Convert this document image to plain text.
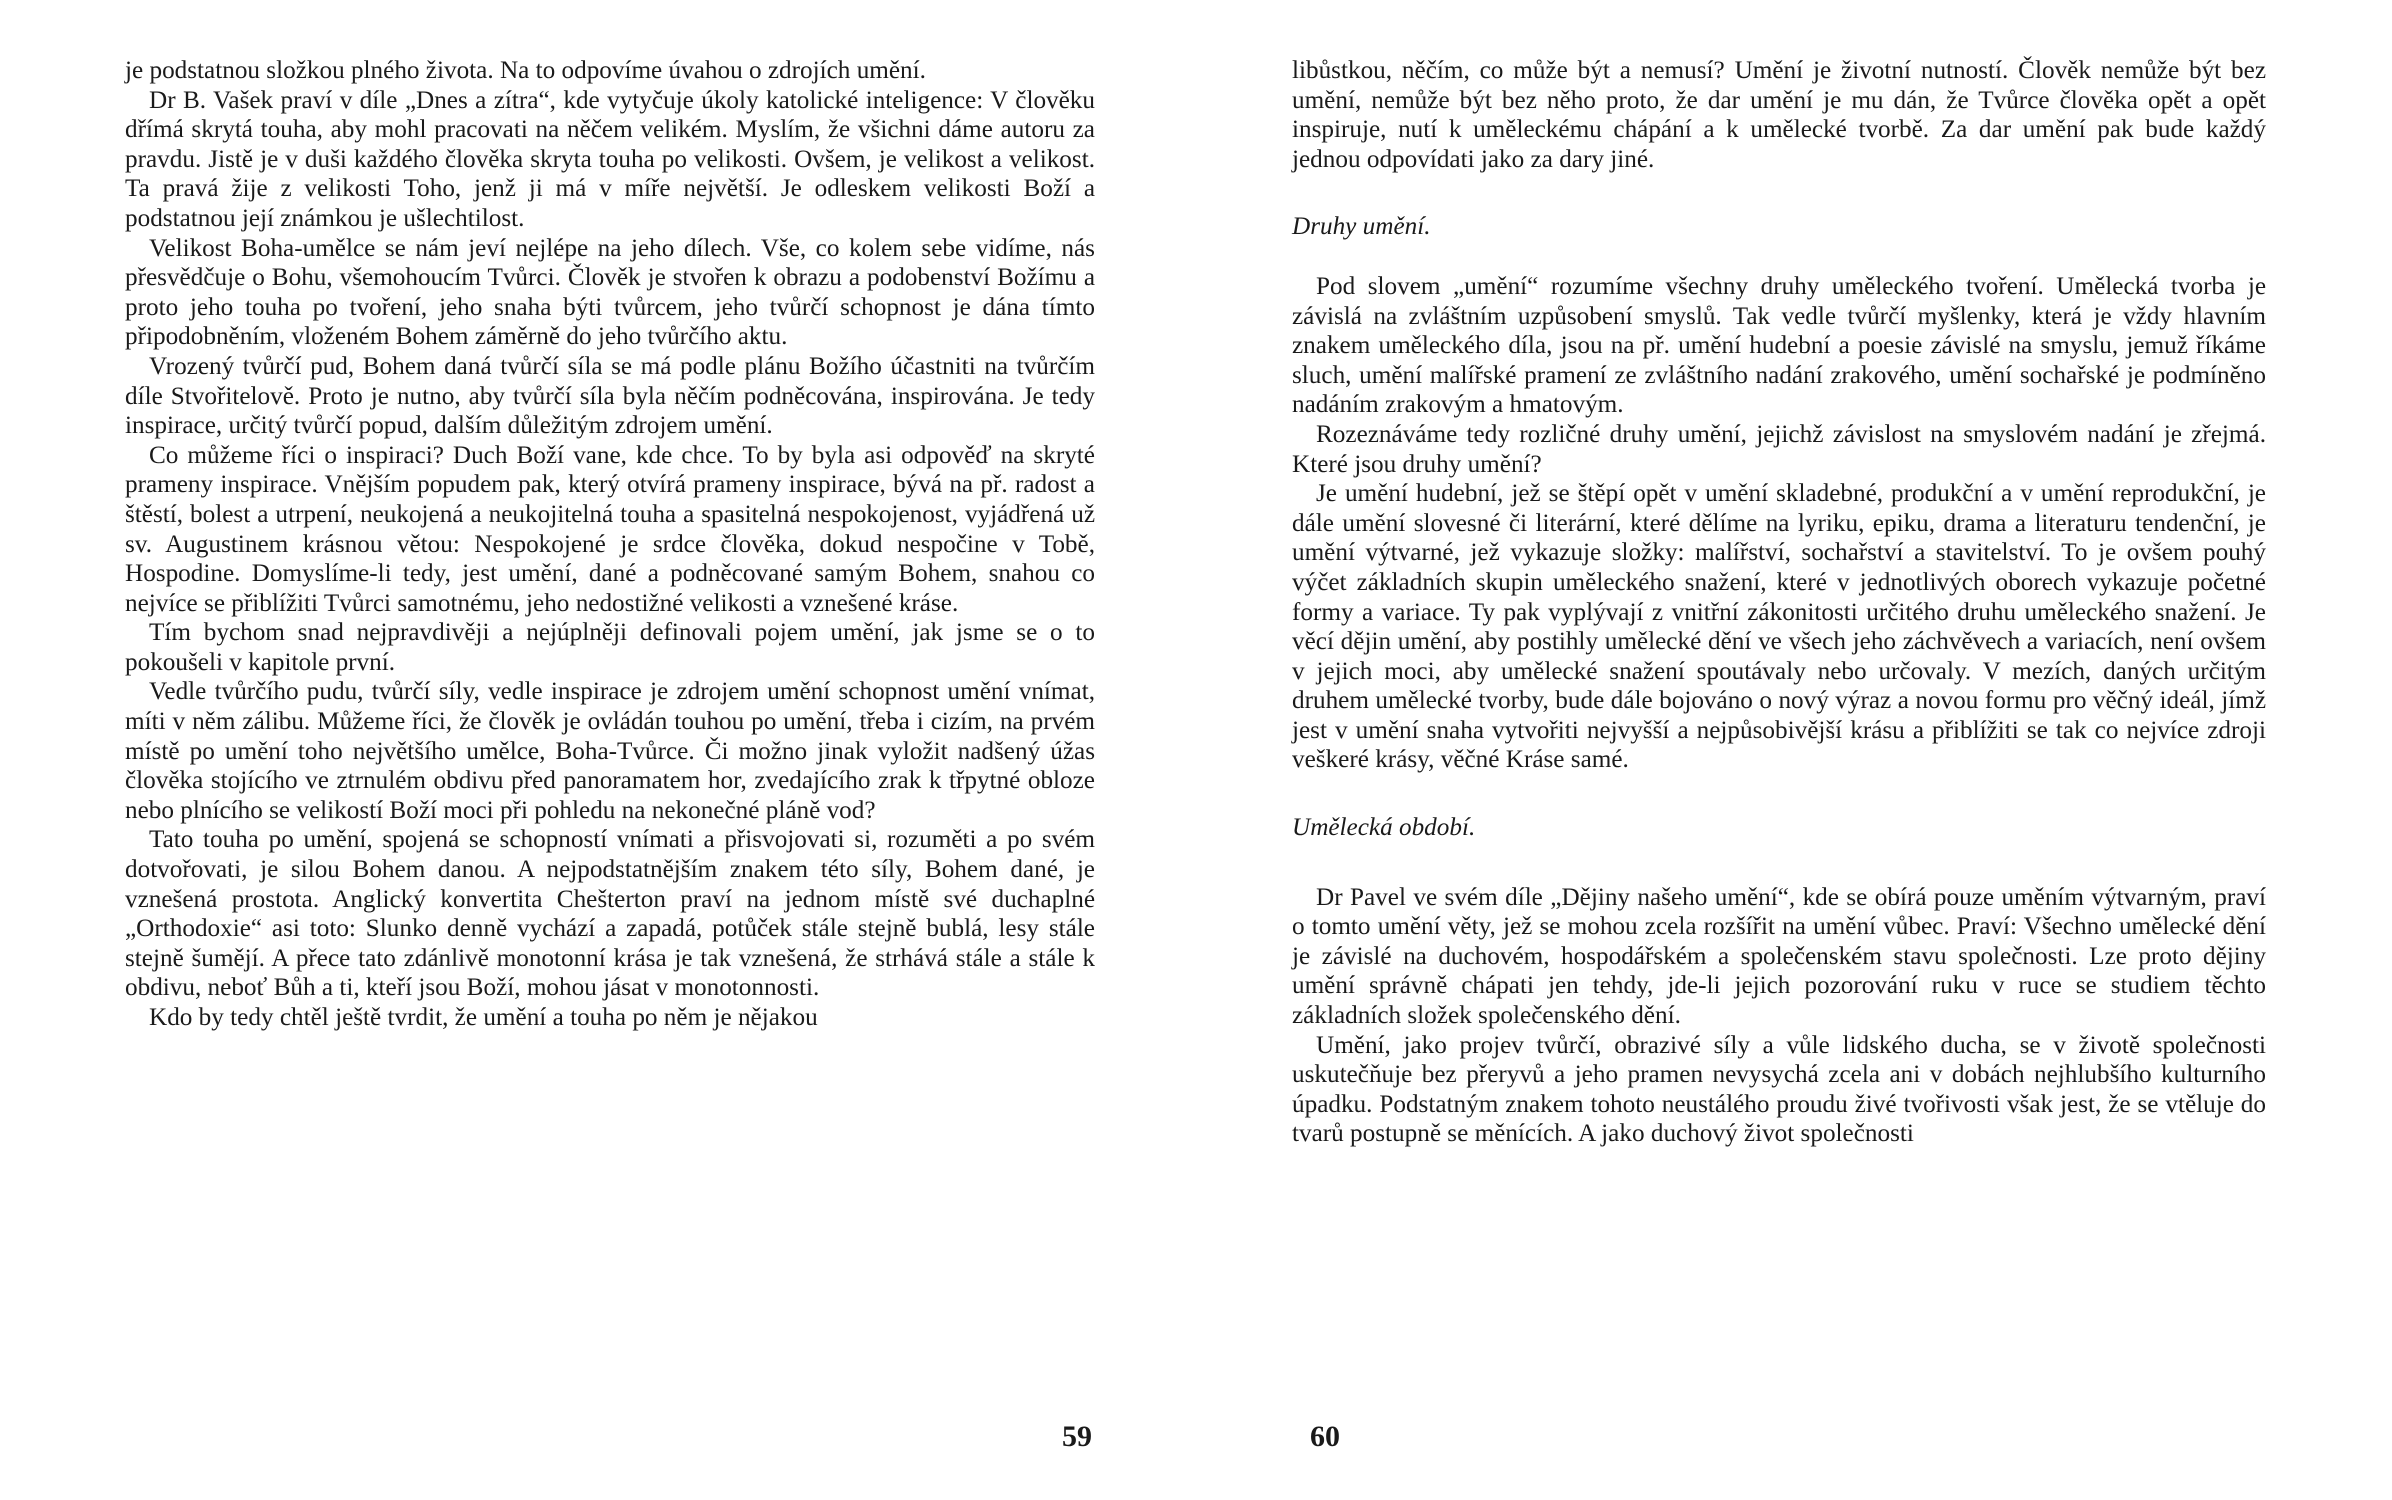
je podstatnou složkou plného života. Na to odpovíme úvahou o zdrojích umění.

Dr B. Vašek praví v díle „Dnes a zítra“, kde vytyčuje úkoly katolické inteligence: V člověku dřímá skrytá touha, aby mohl pracovati na něčem velikém. Myslím, že všichni dáme autoru za pravdu. Jistě je v duši každého člověka skryta touha po velikosti. Ovšem, je velikost a velikost. Ta pravá žije z velikosti Toho, jenž ji má v míře největší. Je odleskem velikosti Boží a podstatnou její známkou je ušlechtilost.

Velikost Boha-umělce se nám jeví nejlépe na jeho dílech. Vše, co kolem sebe vidíme, nás přesvědčuje o Bohu, všemohoucím Tvůrci. Člověk je stvořen k obrazu a podobenství Božímu a proto jeho touha po tvoření, jeho snaha býti tvůrcem, jeho tvůrčí schopnost je dána tímto připodobněním, vloženém Bohem záměrně do jeho tvůrčího aktu.

Vrozený tvůrčí pud, Bohem daná tvůrčí síla se má podle plánu Božího účastniti na tvůrčím díle Stvořitelově. Proto je nutno, aby tvůrčí síla byla něčím podněcována, inspirována. Je tedy inspirace, určitý tvůrčí popud, dalším důležitým zdrojem umění.

Co můžeme říci o inspiraci? Duch Boží vane, kde chce. To by byla asi odpověď na skryté prameny inspirace. Vnějším popudem pak, který otvírá prameny inspirace, bývá na př. radost a štěstí, bolest a utrpení, neukojená a neukojitelná touha a spasitelná nespokojenost, vyjádřená už sv. Augustinem krásnou větou: Nespokojené je srdce člověka, dokud nespočine v Tobě, Hospodine. Domyslíme-li tedy, jest umění, dané a podněcované samým Bohem, snahou co nejvíce se přiblížiti Tvůrci samotnému, jeho nedostižné velikosti a vznešené kráse.

Tím bychom snad nejpravdivěji a nejúplněji definovali pojem umění, jak jsme se o to pokoušeli v kapitole první.

Vedle tvůrčího pudu, tvůrčí síly, vedle inspirace je zdrojem umění schopnost umění vnímat, míti v něm zálibu. Můžeme říci, že člověk je ovládán touhou po umění, třeba i cizím, na prvém místě po umění toho největšího umělce, Boha-Tvůrce. Či možno jinak vyložit nadšený úžas člověka stojícího ve ztrnulém obdivu před panoramatem hor, zvedajícího zrak k třpytné obloze nebo plnícího se velikostí Boží moci při pohledu na nekonečné pláně vod?

Tato touha po umění, spojená se schopností vnímati a přisvojovati si, rozuměti a po svém dotvořovati, je silou Bohem danou. A nejpodstatnějším znakem této síly, Bohem dané, je vznešená prostota. Anglický konvertita Chešterton praví na jednom místě své duchaplné „Orthodoxie“ asi toto: Slunko denně vychází a zapadá, potůček stále stejně bublá, lesy stále stejně šumějí. A přece tato zdánlivě monotonní krása je tak vznešená, že strhává stále a stále k obdivu, neboť Bůh a ti, kteří jsou Boží, mohou jásat v monotonnosti.

Kdo by tedy chtěl ještě tvrdit, že umění a touha po něm je nějakou

59

libůstkou, něčím, co může být a nemusí? Umění je životní nutností. Člověk nemůže být bez umění, nemůže být bez něho proto, že dar umění je mu dán, že Tvůrce člověka opět a opět inspiruje, nutí k uměleckému chápání a k umělecké tvorbě. Za dar umění pak bude každý jednou odpovídati jako za dary jiné.

Druhy umění.

Pod slovem „umění“ rozumíme všechny druhy uměleckého tvoření. Umělecká tvorba je závislá na zvláštním uzpůsobení smyslů. Tak vedle tvůrčí myšlenky, která je vždy hlavním znakem uměleckého díla, jsou na př. umění hudební a poesie závislé na smyslu, jemuž říkáme sluch, umění malířské pramení ze zvláštního nadání zrakového, umění sochařské je podmíněno nadáním zrakovým a hmatovým.

Rozeznáváme tedy rozličné druhy umění, jejichž závislost na smyslovém nadání je zřejmá. Které jsou druhy umění?

Je umění hudební, jež se štěpí opět v umění skladebné, produkční a v umění reprodukční, je dále umění slovesné či literární, které dělíme na lyriku, epiku, drama a literaturu tendenční, je umění výtvarné, jež vykazuje složky: malířství, sochařství a stavitelství. To je ovšem pouhý výčet základních skupin uměleckého snažení, které v jednotlivých oborech vykazuje početné formy a variace. Ty pak vyplývají z vnitřní zákonitosti určitého druhu uměleckého snažení. Je věcí dějin umění, aby postihly umělecké dění ve všech jeho záchvěvech a variacích, není ovšem v jejich moci, aby umělecké snažení spoutávaly nebo určovaly. V mezích, daných určitým druhem umělecké tvorby, bude dále bojováno o nový výraz a novou formu pro věčný ideál, jímž jest v umění snaha vytvořiti nejvyšší a nejpůsobivější krásu a přiblížiti se tak co nejvíce zdroji veškeré krásy, věčné Kráse samé.

Umělecká období.

Dr Pavel ve svém díle „Dějiny našeho umění“, kde se obírá pouze uměním výtvarným, praví o tomto umění věty, jež se mohou zcela rozšířit na umění vůbec. Praví: Všechno umělecké dění je závislé na duchovém, hospodářském a společenském stavu společnosti. Lze proto dějiny umění správně chápati jen tehdy, jde-li jejich pozorování ruku v ruce se studiem těchto základních složek společenského dění.

Umění, jako projev tvůrčí, obrazivé síly a vůle lidského ducha, se v životě společnosti uskutečňuje bez přeryvů a jeho pramen nevysychá zcela ani v dobách nejhlubšího kulturního úpadku. Podstatným znakem tohoto neustálého proudu živé tvořivosti však jest, že se vtěluje do tvarů postupně se měnících. A jako duchový život společnosti

60
